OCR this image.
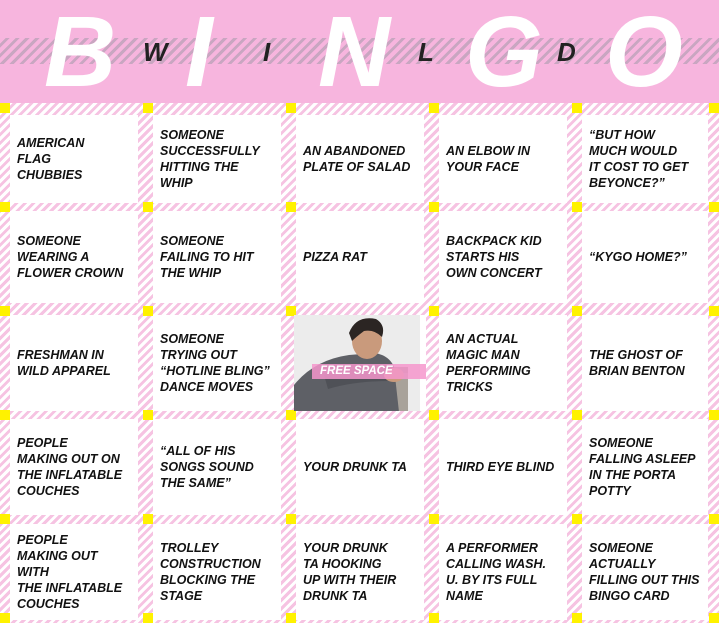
B W I I N L G D O
AMERICAN
FLAG
CHUBBIES
SOMEONE
SUCCESSFULLY
HITTING THE
WHIP
AN ABANDONED
PLATE OF SALAD
AN ELBOW IN
YOUR FACE
“BUT HOW
MUCH WOULD
IT COST TO GET
BEYONCE?”
SOMEONE
WEARING A
FLOWER CROWN
SOMEONE
FAILING TO HIT
THE WHIP
PIZZA RAT
BACKPACK KID
STARTS HIS
OWN CONCERT
“KYGO HOME?”
FRESHMAN IN
WILD APPAREL
SOMEONE
TRYING OUT
“HOTLINE BLING”
DANCE MOVES
FREE SPACE
AN ACTUAL
MAGIC MAN
PERFORMING
TRICKS
THE GHOST OF
BRIAN BENTON
PEOPLE
MAKING OUT ON
THE INFLATABLE
COUCHES
“ALL OF HIS
SONGS SOUND
THE SAME”
YOUR DRUNK TA	THIRD EYE BLIND
SOMEONE
FALLING ASLEEP
IN THE PORTA
POTTY
PEOPLE
MAKING OUT WITH
THE INFLATABLE
COUCHES
TROLLEY
CONSTRUCTION
BLOCKING THE
STAGE
YOUR DRUNK
TA HOOKING
UP WITH THEIR
DRUNK TA
A PERFORMER
CALLING WASH.
U. BY ITS FULL
NAME
SOMEONE
ACTUALLY
FILLING OUT THIS
BINGO CARD
